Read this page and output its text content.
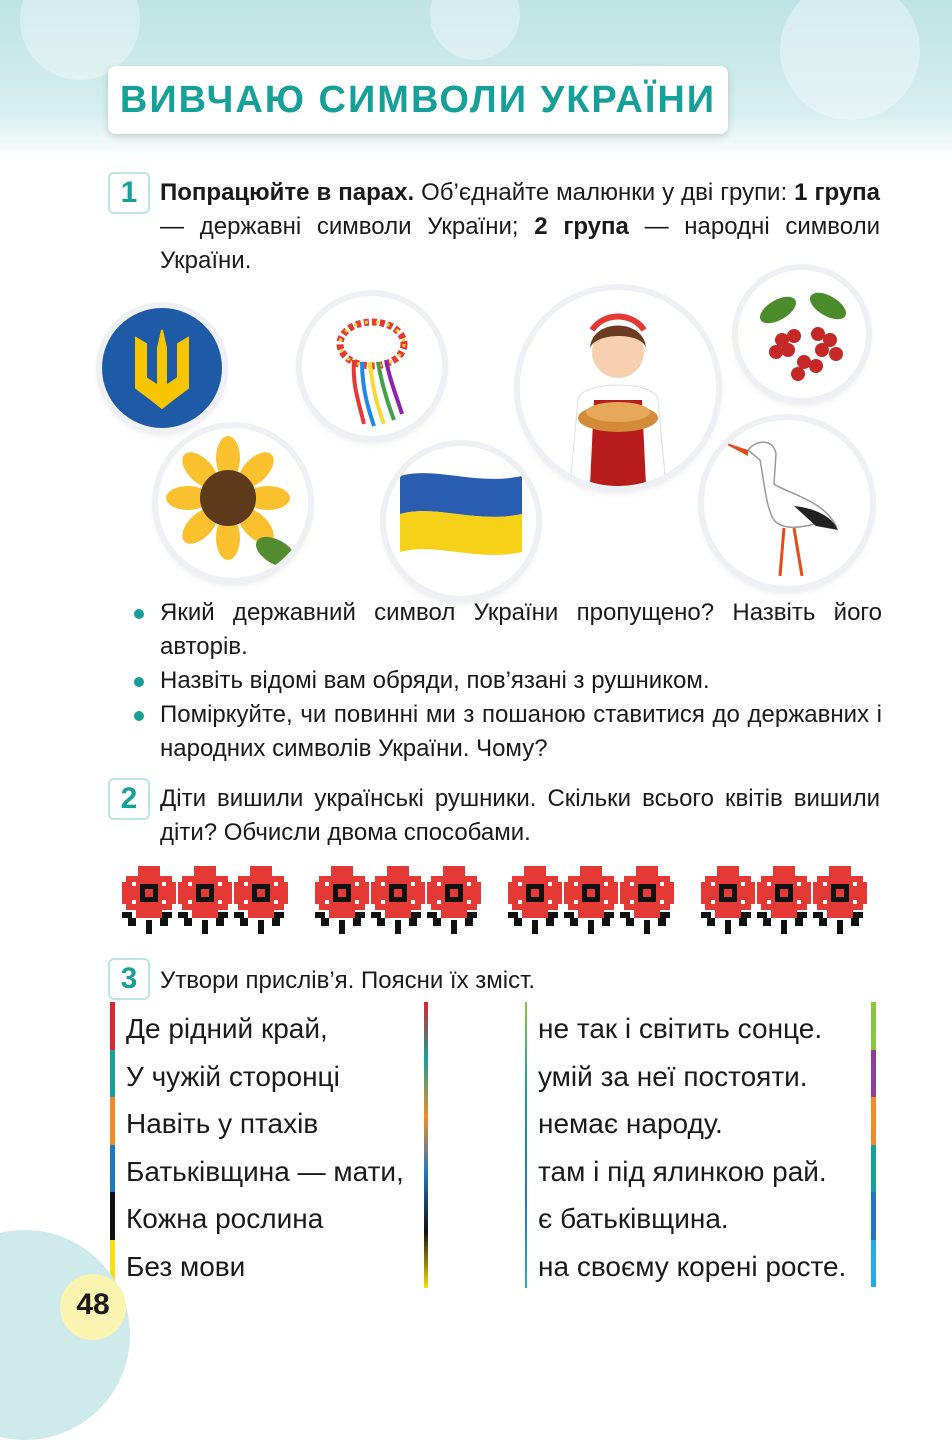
ВИВЧАЮ СИМВОЛИ УКРАЇНИ
1 Попрацюйте в парах. Об’єднайте малюнки у дві групи: 1 група — державні символи України; 2 група — народні символи України.
Який державний символ України пропущено? Назвіть його авторів.
Назвіть відомі вам обряди, пов’язані з рушником.
Поміркуйте, чи повинні ми з пошаною ставитися до державних і народних символів України. Чому?
2 Діти вишили українські рушники. Скільки всього квітів вишили діти? Обчисли двома способами.
3 Утвори прислів’я. Поясни їх зміст.
Де рідний край,
У чужій сторонці
Навіть у птахів
Батьківщина — мати,
Кожна рослина
Без мови
не так і світить сонце.
умій за неї постояти.
немає народу.
там і під ялинкою рай.
є батьківщина.
на своєму корені росте.
48
